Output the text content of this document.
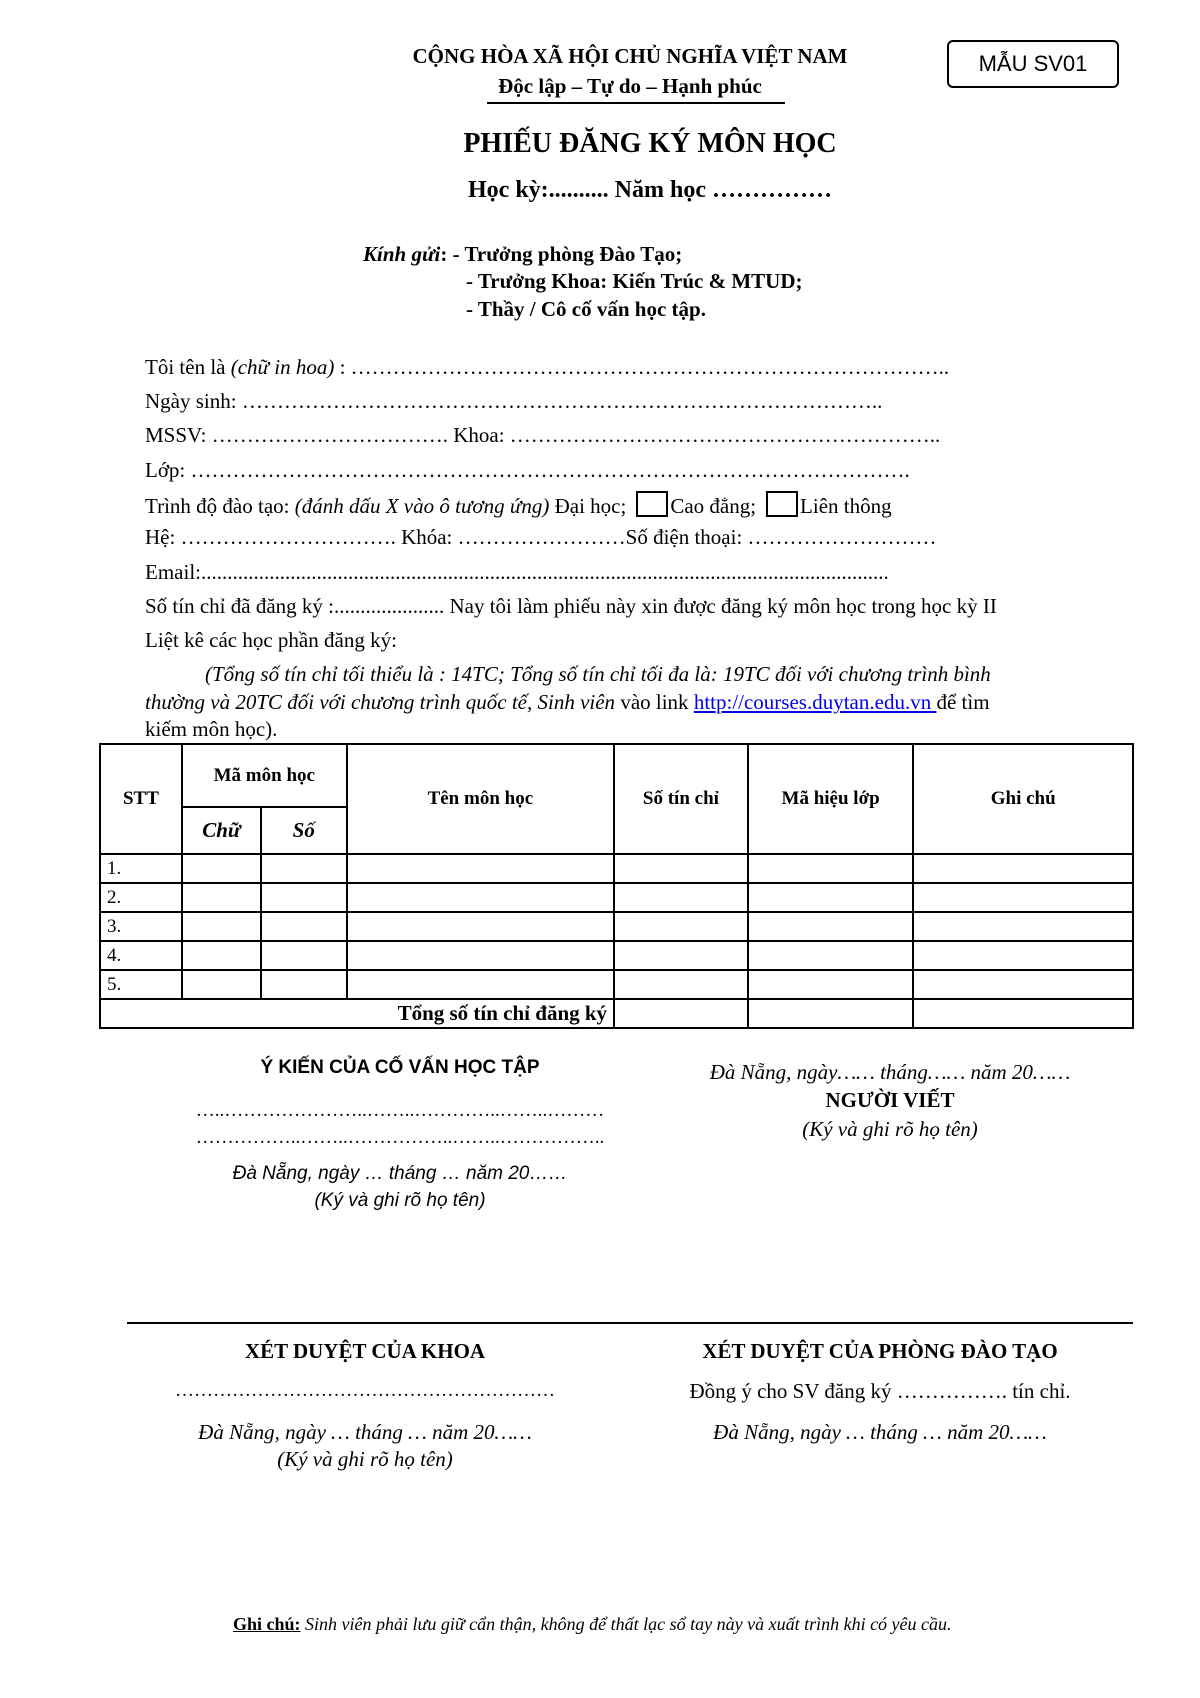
CỘNG HÒA XÃ HỘI CHỦ NGHĨA VIỆT NAM
Độc lập – Tự do – Hạnh phúc
MẪU SV01
PHIẾU ĐĂNG KÝ MÔN HỌC
Học kỳ:.......... Năm học ……………
Kính gửi: - Trưởng phòng Đào Tạo;
- Trưởng Khoa: Kiến Trúc & MTUD;
- Thầy / Cô cố vấn học tập.
Tôi tên là (chữ in hoa) : …………………………………………………………………………..
Ngày sinh: ………………………………………………………………………………..
MSSV: ……………………………. Khoa: ……………………………………………………..
Lớp: ………………………………………………………………………………………….
Trình độ đào tạo: (đánh dấu X vào ô tương ứng) Đại học; Cao đẳng; Liên thông
Hệ: …………………………. Khóa: ……………………Số điện thoại: ………………………
Email:...................................................................................................................................
Số tín chỉ đã đăng ký :..................... Nay tôi làm phiếu này xin được đăng ký môn học trong học kỳ II
Liệt kê các học phần đăng ký:
(Tổng số tín chỉ tối thiểu là : 14TC; Tổng số tín chỉ tối đa là: 19TC đối với chương trình bình
thường và 20TC đối với chương trình quốc tế, Sinh viên vào link http://courses.duytan.edu.vn để tìm
kiếm môn học).
STT	Mã môn học		Tên môn học	Số tín chỉ	Mã hiệu lớp	Ghi chú
	Chữ	Số				
1.						
2.						
3.						
4.						
5.						
Tổng số tín chỉ đăng ký						
Ý KIẾN CỦA CỐ VẤN HỌC TẬP
…..…………………..……..…………..……..………
……………..……..……………..……..……………..
Đà Nẵng, ngày … tháng … năm 20……
(Ký và ghi rõ họ tên)
Đà Nẵng, ngày…… tháng…… năm 20……
NGƯỜI VIẾT
(Ký và ghi rõ họ tên)
XÉT DUYỆT CỦA KHOA
……………………………………………………
Đà Nẵng, ngày … tháng … năm 20……
(Ký và ghi rõ họ tên)
XÉT DUYỆT CỦA PHÒNG ĐÀO TẠO
Đồng ý cho SV đăng ký ……………. tín chỉ.
Đà Nẵng, ngày … tháng … năm 20……
Ghi chú: Sinh viên phải lưu giữ cẩn thận, không để thất lạc sổ tay này và xuất trình khi có yêu cầu.
